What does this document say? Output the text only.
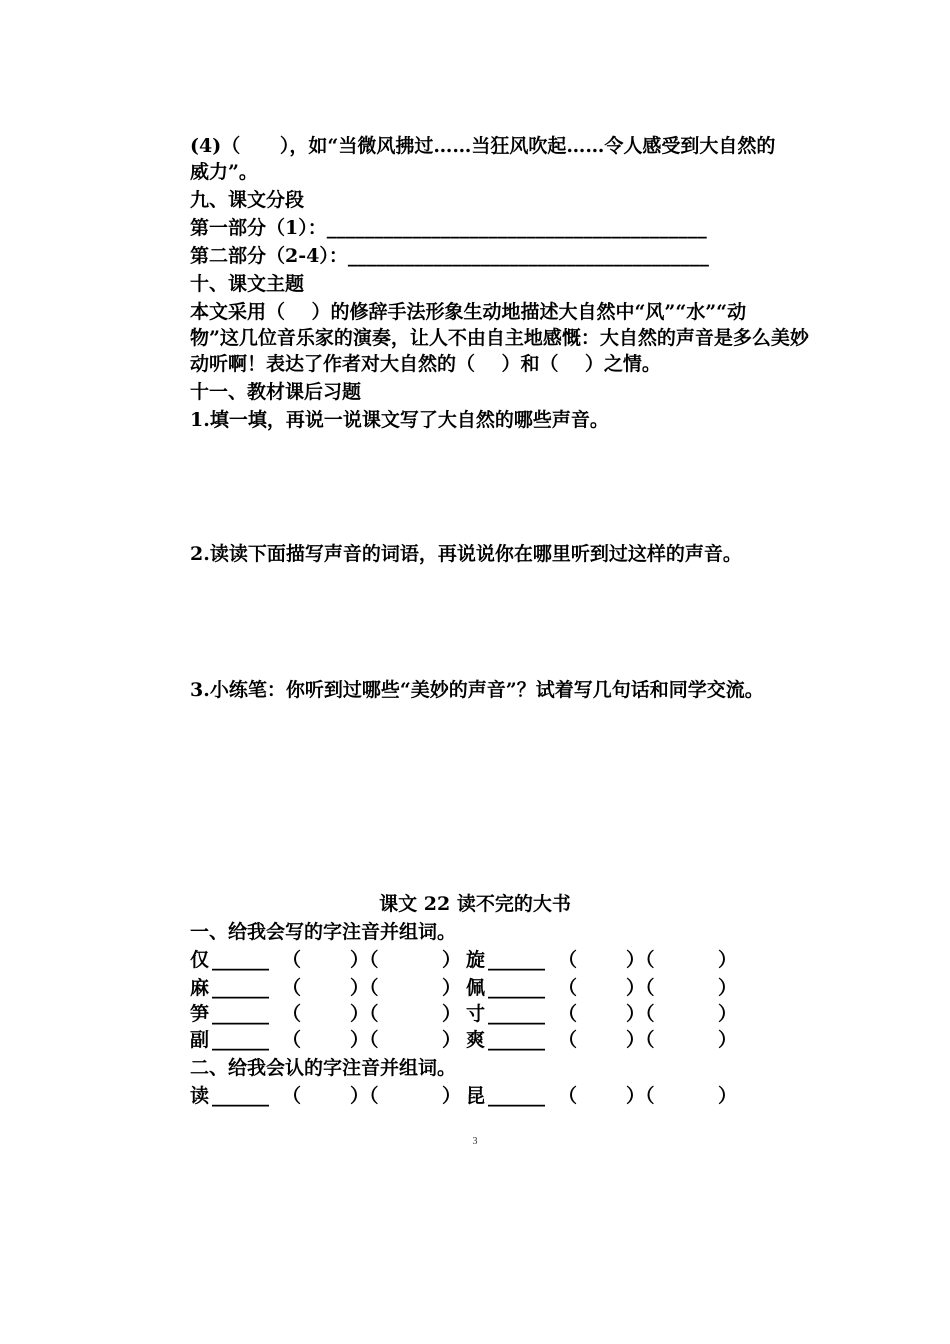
(4)（      ），如“当微风拂过……当狂风吹起……令人感受到大自然的
威力”。
九、课文分段
第一部分（1）：________________________________________
第二部分（2-4）：______________________________________
十、课文主题
本文采用（    ）的修辞手法形象生动地描述大自然中“风”“水”“动
物”这几位音乐家的演奏，让人不由自主地感慨：大自然的声音是多么美妙
动听啊！表达了作者对大自然的（    ）和（    ）之情。
十一、教材课后习题
1.填一填，再说一说课文写了大自然的哪些声音。
2.读读下面描写声音的词语，再说说你在哪里听到过这样的声音。
3.小练笔：你听到过哪些“美妙的声音”？试着写几句话和同学交流。
课文 22 读不完的大书
一、给我会写的字注音并组词。
仅 ______ （	）（	） 旋 ______ （	）（	）
麻 ______ （	）（	） 佩 ______ （	）（	）
笋 ______ （	）（	） 寸 ______ （	）（	）
副 ______ （	）（	） 爽 ______ （	）（	）
二、给我会认的字注音并组词。
读 ______ （	）（	） 昆 ______ （	）（	）
3
